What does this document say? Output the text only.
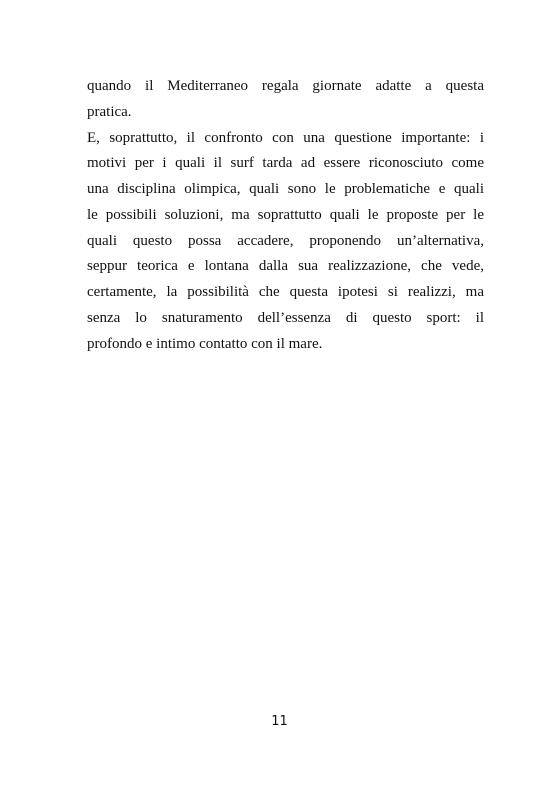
quando il Mediterraneo regala giornate adatte a questa
pratica.
E, soprattutto, il confronto con una questione importante: i
motivi per i quali il surf tarda ad essere riconosciuto come
una disciplina olimpica, quali sono le problematiche e quali
le possibili soluzioni, ma soprattutto quali le proposte per le
quali questo possa accadere, proponendo un’alternativa,
seppur teorica e lontana dalla sua realizzazione, che vede,
certamente, la possibilità che questa ipotesi si realizzi, ma
senza lo snaturamento dell’essenza di questo sport: il
profondo e intimo contatto con il mare.
11
